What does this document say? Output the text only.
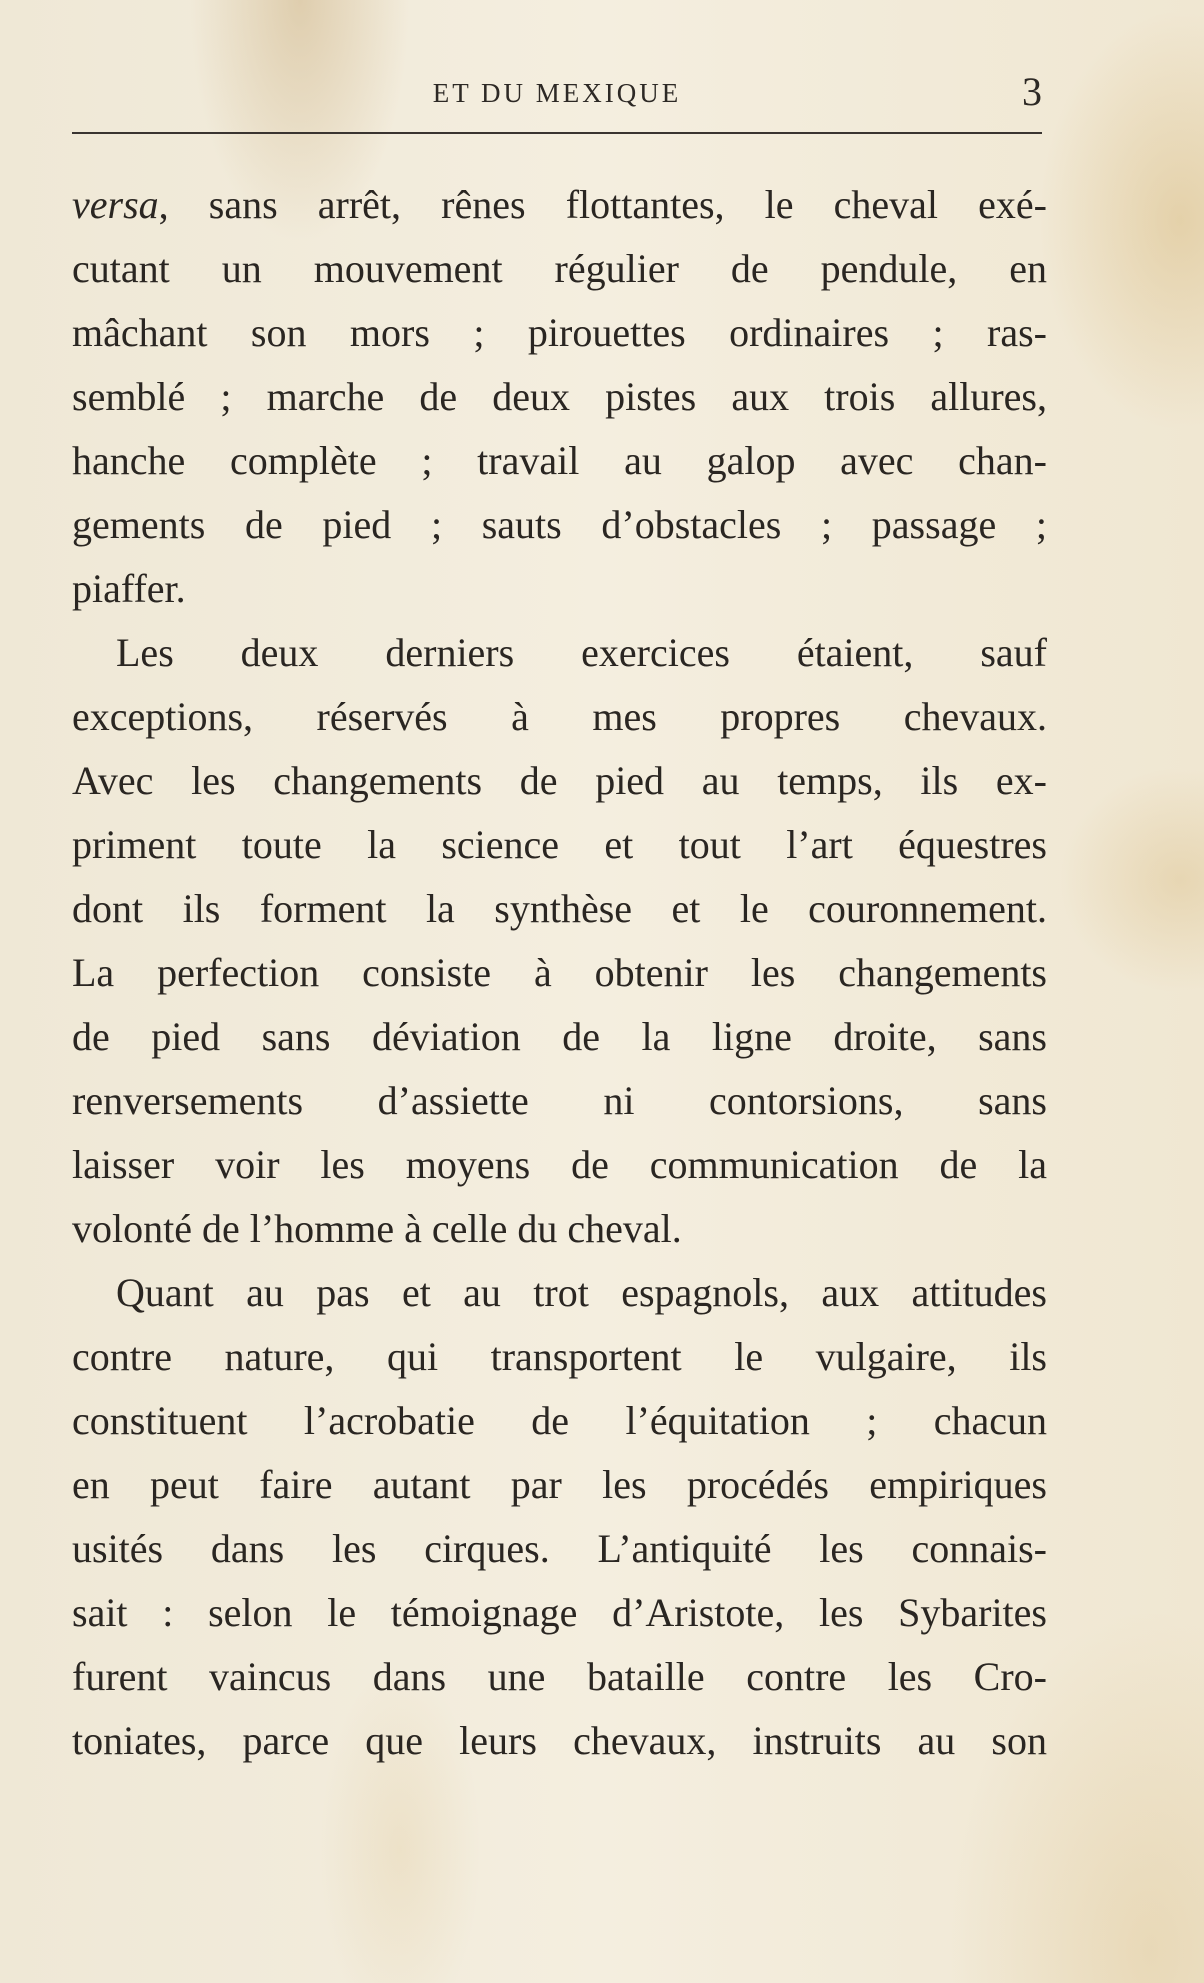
ET DU MEXIQUE	3
versa, sans arrêt, rênes flottantes, le cheval exé-
cutant un mouvement régulier de pendule, en
mâchant son mors ; pirouettes ordinaires ; ras-
semblé ; marche de deux pistes aux trois allures,
hanche complète ; travail au galop avec chan-
gements de pied ; sauts d’obstacles ; passage ;
piaffer.
Les deux derniers exercices étaient, sauf
exceptions, réservés à mes propres chevaux.
Avec les changements de pied au temps, ils ex-
priment toute la science et tout l’art équestres
dont ils forment la synthèse et le couronnement.
La perfection consiste à obtenir les changements
de pied sans déviation de la ligne droite, sans
renversements d’assiette ni contorsions, sans
laisser voir les moyens de communication de la
volonté de l’homme à celle du cheval.
Quant au pas et au trot espagnols, aux attitudes
contre nature, qui transportent le vulgaire, ils
constituent l’acrobatie de l’équitation ; chacun
en peut faire autant par les procédés empiriques
usités dans les cirques. L’antiquité les connais-
sait : selon le témoignage d’Aristote, les Sybarites
furent vaincus dans une bataille contre les Cro-
toniates, parce que leurs chevaux, instruits au son
